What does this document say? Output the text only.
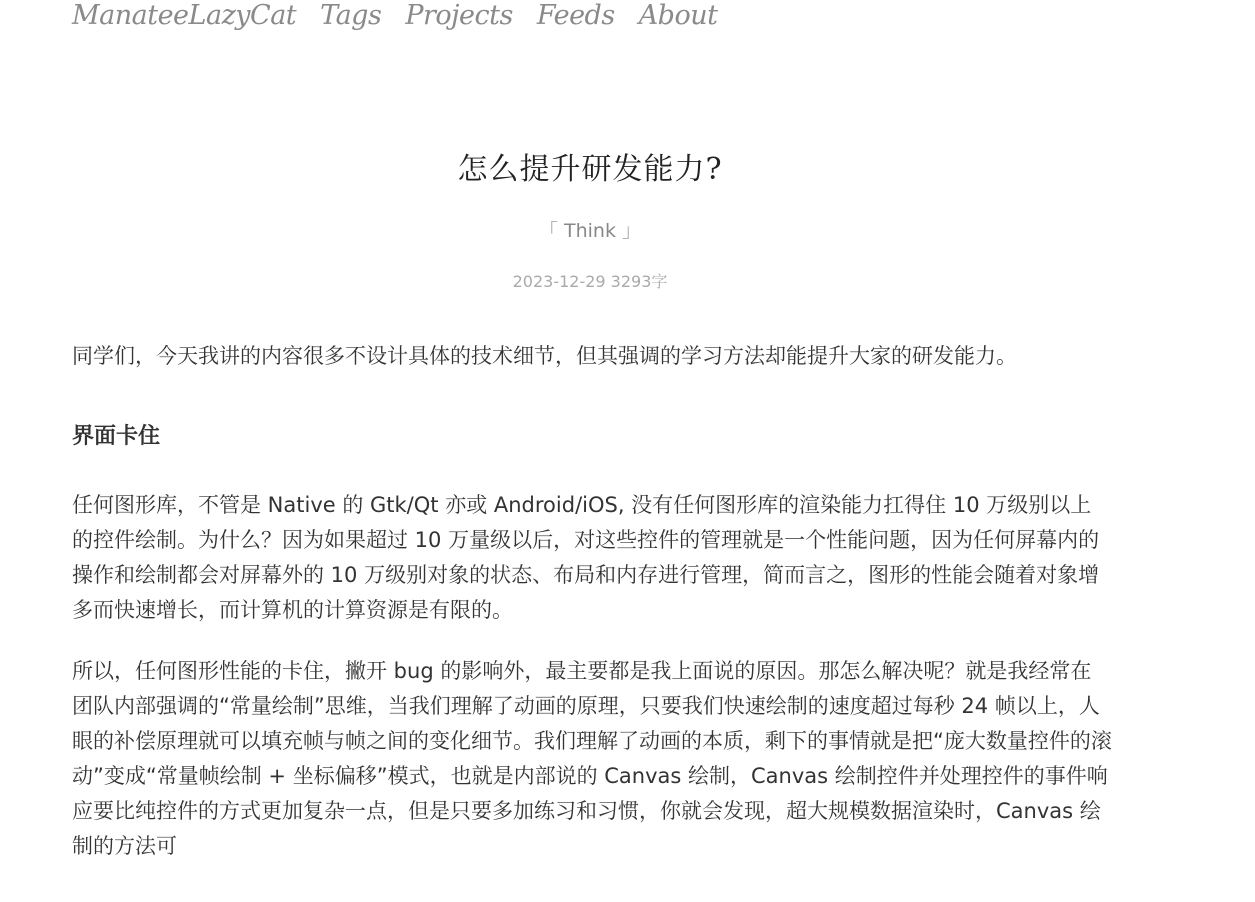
ManateeLazyCat Tags Projects Feeds About
怎么提升研发能力?
「 Think 」
2023-12-29 3293字

同学们，今天我讲的内容很多不设计具体的技术细节，但其强调的学习方法却能提升大家的研发能力。

界面卡住

任何图形库，不管是 Native 的 Gtk/Qt 亦或 Android/iOS, 没有任何图形库的渲染能力扛得住 10 万级别以上的控件绘制。为什么？因为如果超过 10 万量级以后，对这些控件的管理就是一个性能问题，因为任何屏幕内的操作和绘制都会对屏幕外的 10 万级别对象的状态、布局和内存进行管理，简而言之，图形的性能会随着对象增多而快速增长，而计算机的计算资源是有限的。

所以，任何图形性能的卡住，撇开 bug 的影响外，最主要都是我上面说的原因。那怎么解决呢？就是我经常在团队内部强调的“常量绘制”思维，当我们理解了动画的原理，只要我们快速绘制的速度超过每秒 24 帧以上，人眼的补偿原理就可以填充帧与帧之间的变化细节。我们理解了动画的本质，剩下的事情就是把“庞大数量控件的滚动”变成“常量帧绘制 + 坐标偏移”模式，也就是内部说的 Canvas 绘制，Canvas 绘制控件并处理控件的事件响应要比纯控件的方式更加复杂一点，但是只要多加练习和习惯，你就会发现，超大规模数据渲染时，Canvas 绘制的方法可
